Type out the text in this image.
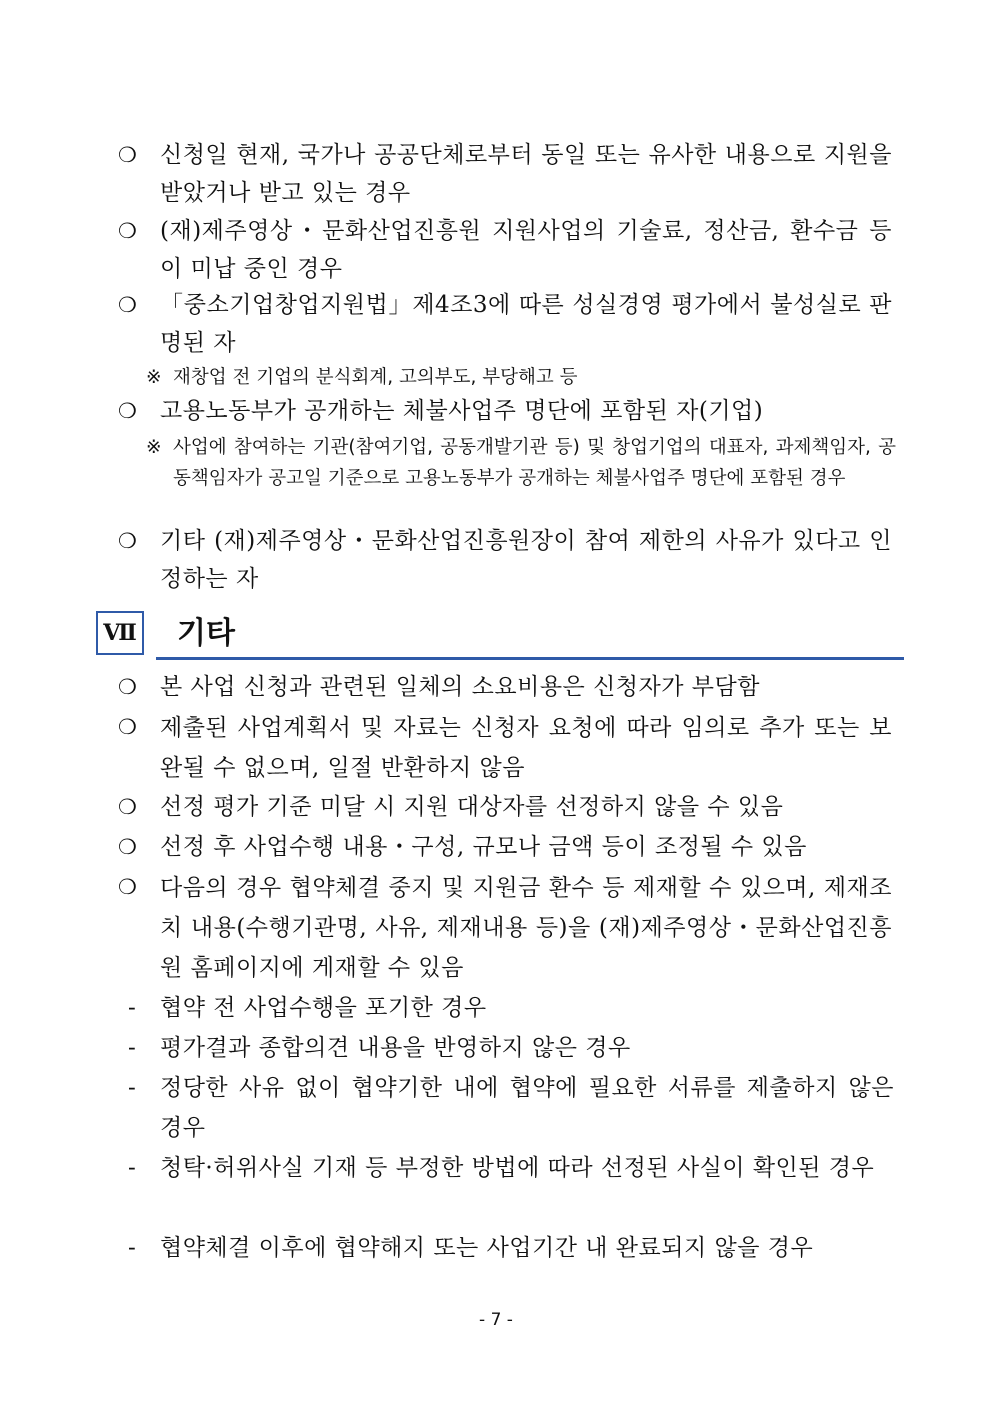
❍	신청일 현재, 국가나 공공단체로부터 동일 또는 유사한 내용으로 지원을 받았거나 받고 있는 경우
❍	(재)제주영상・문화산업진흥원 지원사업의 기술료, 정산금, 환수금 등이 미납 중인 경우
❍	「중소기업창업지원법」제4조3에 따른 성실경영 평가에서 불성실로 판명된 자
※ 재창업 전 기업의 분식회계, 고의부도, 부당해고 등
❍	고용노동부가 공개하는 체불사업주 명단에 포함된 자(기업)
※ 사업에 참여하는 기관(참여기업, 공동개발기관 등) 및 창업기업의 대표자, 과제책임자, 공동책임자가 공고일 기준으로 고용노동부가 공개하는 체불사업주 명단에 포함된 경우
❍	기타 (재)제주영상・문화산업진흥원장이 참여 제한의 사유가 있다고 인정하는 자
Ⅶ 기타
❍	본 사업 신청과 관련된 일체의 소요비용은 신청자가 부담함
❍	제출된 사업계획서 및 자료는 신청자 요청에 따라 임의로 추가 또는 보완될 수 없으며, 일절 반환하지 않음
❍	선정 평가 기준 미달 시 지원 대상자를 선정하지 않을 수 있음
❍	선정 후 사업수행 내용・구성, 규모나 금액 등이 조정될 수 있음
❍	다음의 경우 협약체결 중지 및 지원금 환수 등 제재할 수 있으며, 제재조치 내용(수행기관명, 사유, 제재내용 등)을 (재)제주영상・문화산업진흥원 홈페이지에 게재할 수 있음
- 협약 전 사업수행을 포기한 경우
- 평가결과 종합의견 내용을 반영하지 않은 경우
- 정당한 사유 없이 협약기한 내에 협약에 필요한 서류를 제출하지 않은 경우
- 청탁·허위사실 기재 등 부정한 방법에 따라 선정된 사실이 확인된 경우
- 협약체결 이후에 협약해지 또는 사업기간 내 완료되지 않을 경우
- 7 -
